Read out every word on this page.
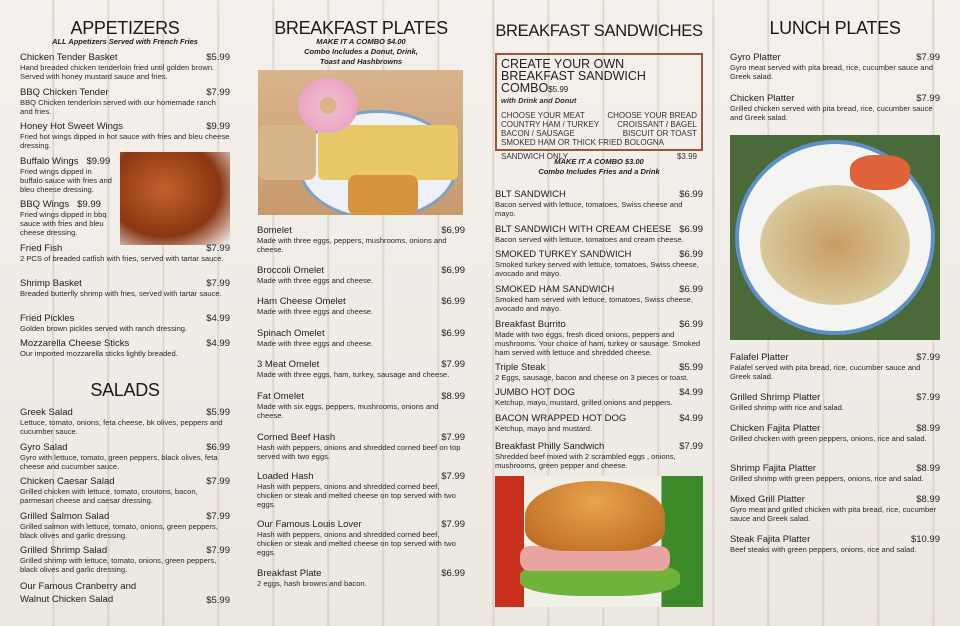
APPETIZERS
ALL Appetizers Served with French Fries
SALADS
Chicken Tender Basket	$5.99
Hand breaded chicken tenderloin fried until golden brown. Served with honey mustard sauce and fries.
BBQ Chicken Tender	$7.99
BBQ Chicken tenderloin served with our homemade ranch and fries.
Honey Hot Sweet Wings	$9.99
Fried hot wings dipped in hot sauce with fries and bleu cheese dressing.
Buffalo Wings $9.99
Fried wings dipped in buffalo sauce with fries and bleu cheese dressing.
BBQ Wings $9.99
Fried wings dipped in bbq sauce with fries and bleu cheese dressing.
Fried Fish	$7.99
2 PCS of breaded catfish with fries, served with tartar sauce.
Shrimp Basket	$7.99
Breaded butterfly shrimp with fries, served with tartar sauce.
Fried Pickles	$4.99
Golden brown pickles served with ranch dressing.
Mozzarella Cheese Sticks	$4.99
Our imported mozzarella sticks lightly breaded.
Greek Salad	$5.99
Lettuce, tomato, onions, feta cheese, bk olives, peppers and cucumber sauce.
Gyro Salad	$6.99
Gyro with lettuce, tomato, green peppers, black olives, feta cheese and cucumber sauce.
Chicken Caesar Salad	$7.99
Grilled chicken with lettuce, tomato, croutons, bacon, parmesan cheese and caesar dressing.
Grilled Salmon Salad	$7.99
Grilled salmon with lettuce, tomato, onions, green peppers, black olives and garlic dressing.
Grilled Shrimp Salad	$7.99
Grilled shrimp with lettuce, tomato, onions, green peppers, black olives and garlic dressing.
Our Famous Cranberry and Walnut Chicken Salad	$5.99
BREAKFAST PLATES
MAKE IT A COMBO $4.00
Combo Includes a Donut, Drink,
Toast and Hashbrowns
Bomelet	$6.99
Made with three eggs, peppers, mushrooms, onions and cheese.
Broccoli Omelet	$6.99
Made with three eggs and cheese.
Ham Cheese Omelet	$6.99
Made with three eggs and cheese.
Spinach Omelet	$6.99
Made with three eggs and cheese.
3 Meat Omelet	$7.99
Made with three eggs, ham, turkey, sausage and cheese.
Fat Omelet	$8.99
Made with six eggs, peppers, mushrooms, onions and cheese.
Corned Beef Hash	$7.99
Hash with peppers, onions and shredded corned beef on top served with two eggs.
Loaded Hash	$7.99
Hash with peppers, onions and shredded corned beef, chicken or steak and melted cheese on top served with two eggs.
Our Famous Louis Lover	$7.99
Hash with peppers, onions and shredded corned beef, chicken or steak and melted cheese on top served with two eggs.
Breakfast Plate	$6.99
2 eggs, hash browns and bacon.
BREAKFAST SANDWICHES
CREATE YOUR OWN
BREAKFAST SANDWICH COMBO$5.99
with Drink and Donut
CHOOSE YOUR MEAT	CHOOSE YOUR BREAD
COUNTRY HAM / TURKEY CROISSANT / BAGEL
BACON / SAUSAGE	BISCUIT OR TOAST
SMOKED HAM OR THICK FRIED BOLOGNA
SANDWICH ONLY	$3.99
MAKE IT A COMBO $3.00
Combo Includes Fries and a Drink
BLT SANDWICH	$6.99
Bacon served with lettuce, tomatoes, Swiss cheese and mayo.
BLT SANDWICH WITH CREAM CHEESE $6.99
Bacon served with lettuce, tomatoes and cream cheese.
SMOKED TURKEY SANDWICH	$6.99
Smoked turkey served with lettuce, tomatoes, Swiss cheese, avocado and mayo.
SMOKED HAM SANDWICH	$6.99
Smoked ham served with lettuce, tomatoes, Swiss cheese, avocado and mayo.
Breakfast Burrito	$6.99
Made with two eggs, fresh diced onions, peppers and mushrooms. Your choice of ham, turkey or sausage. Smoked ham served with lettuce and shredded cheese.
Triple Steak	$5.99
2 Eggs, sausage, bacon and cheese on 3 pieces or toast.
JUMBO HOT DOG	$4.99
Ketchup, mayo, mustard, grilled onions and peppers.
BACON WRAPPED HOT DOG	$4.99
Ketchup, mayo and mustard.
Breakfast Philly Sandwich	$7.99
Shredded beef mixed with 2 scrambled eggs , onions, mushrooms, green pepper and cheese.
LUNCH PLATES
Gyro Platter	$7.99
Gyro meat served with pita bread, rice, cucumber sauce and Greek salad.
Chicken Platter	$7.99
Grilled chicken served with pita bread, rice, cucumber sauce and Greek salad.
Falafel Platter	$7.99
Falafel served with pita bread, rice, cucumber sauce and Greek salad.
Grilled Shrimp Platter	$7.99
Grilled shrimp with rice and salad.
Chicken Fajita Platter	$8.99
Grilled chicken with green peppers, onions, rice and salad.
Shrimp Fajita Platter	$8.99
Grilled shrimp with green peppers, onions, rice and salad.
Mixed Grill Platter	$8.99
Gyro meat and grilled chicken with pita bread, rice, cucumber sauce and Greek salad.
Steak Fajita Platter	$10.99
Beef steaks with green peppers, onions, rice and salad.
